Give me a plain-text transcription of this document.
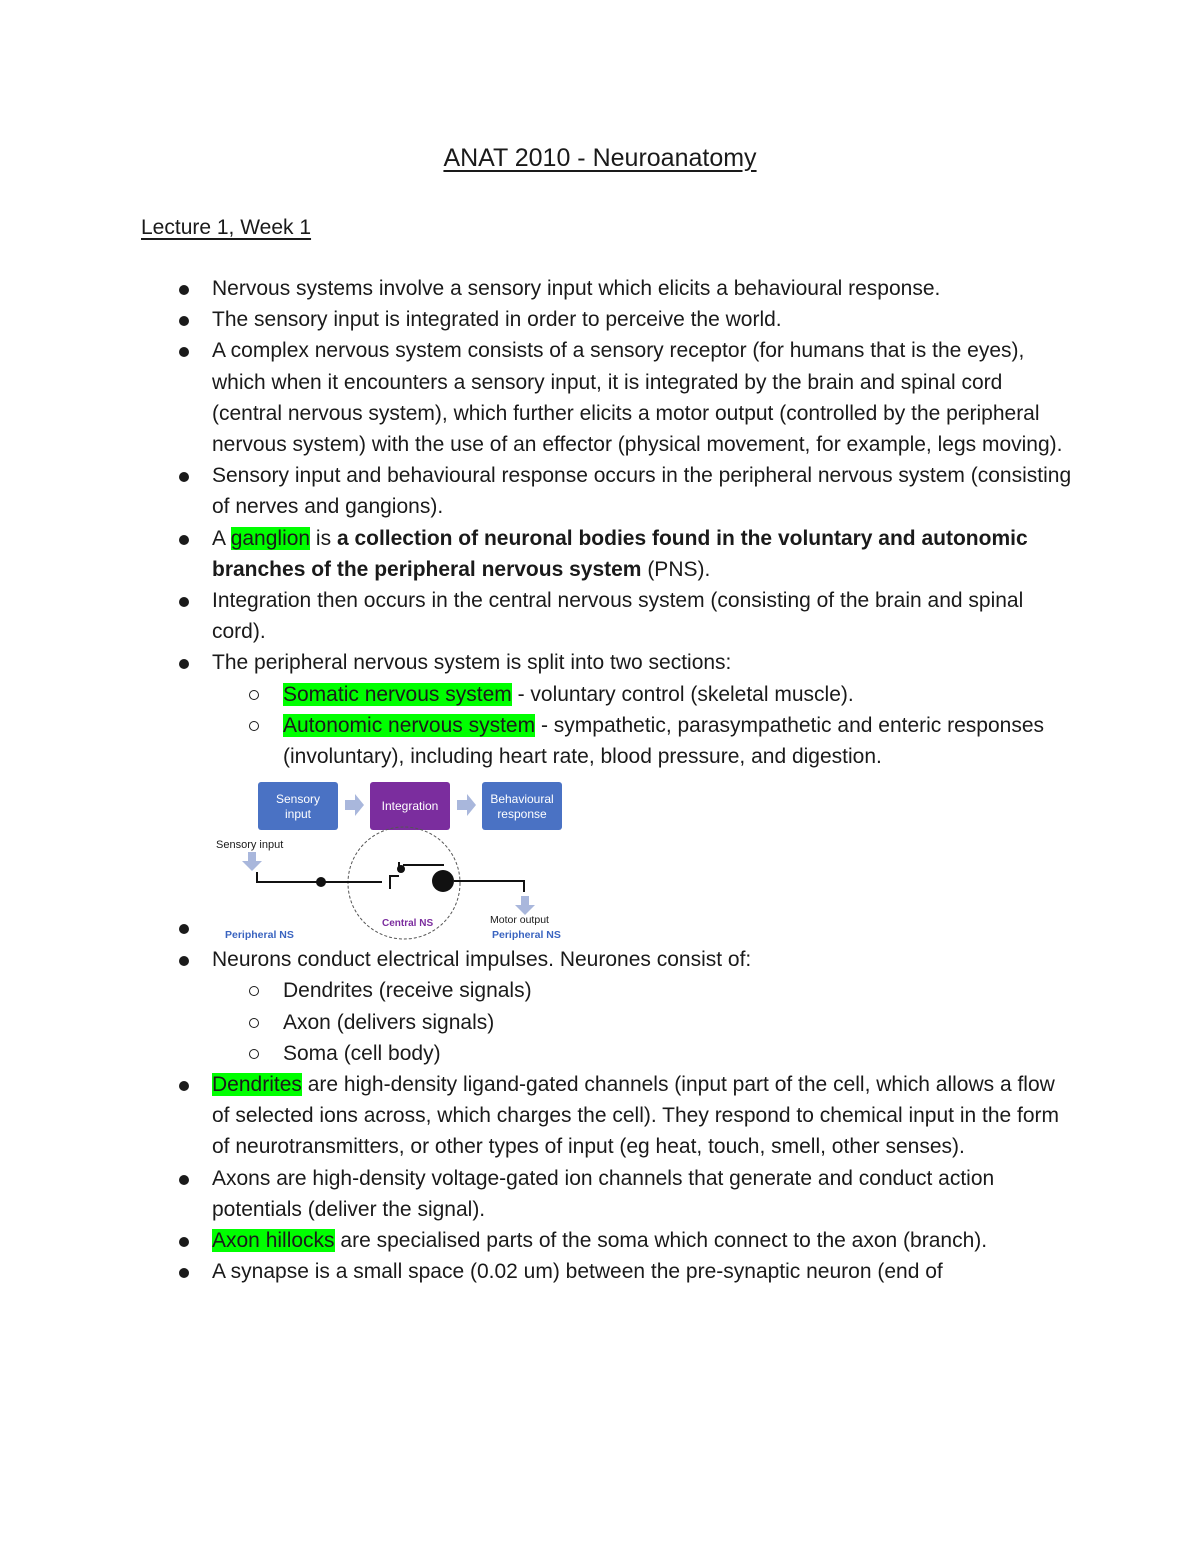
ANAT 2010 - Neuroanatomy
Lecture 1, Week 1
Nervous systems involve a sensory input which elicits a behavioural response.
The sensory input is integrated in order to perceive the world.
A complex nervous system consists of a sensory receptor (for humans that is the eyes), which when it encounters a sensory input, it is integrated by the brain and spinal cord (central nervous system), which further elicits a motor output (controlled by the peripheral nervous system) with the use of an effector (physical movement, for example, legs moving).
Sensory input and behavioural response occurs in the peripheral nervous system (consisting of nerves and gangions).
A ganglion is a collection of neuronal bodies found in the voluntary and autonomic branches of the peripheral nervous system (PNS).
Integration then occurs in the central nervous system (consisting of the brain and spinal cord).
The peripheral nervous system is split into two sections:
Somatic nervous system - voluntary control (skeletal muscle).
Autonomic nervous system - sympathetic, parasympathetic and enteric responses (involuntary), including heart rate, blood pressure, and digestion.
Sensory
input
Integration	Behavioural
response
Sensory input
Central NS	Motor output
Peripheral NS	Peripheral NS
Neurons conduct electrical impulses. Neurones consist of:
Dendrites (receive signals)
Axon (delivers signals)
Soma (cell body)
Dendrites are high-density ligand-gated channels (input part of the cell, which allows a flow of selected ions across, which charges the cell). They respond to chemical input in the form of neurotransmitters, or other types of input (eg heat, touch, smell, other senses).
Axons are high-density voltage-gated ion channels that generate and conduct action potentials (deliver the signal).
Axon hillocks are specialised parts of the soma which connect to the axon (branch).
A synapse is a small space (0.02 um) between the pre-synaptic neuron (end of
